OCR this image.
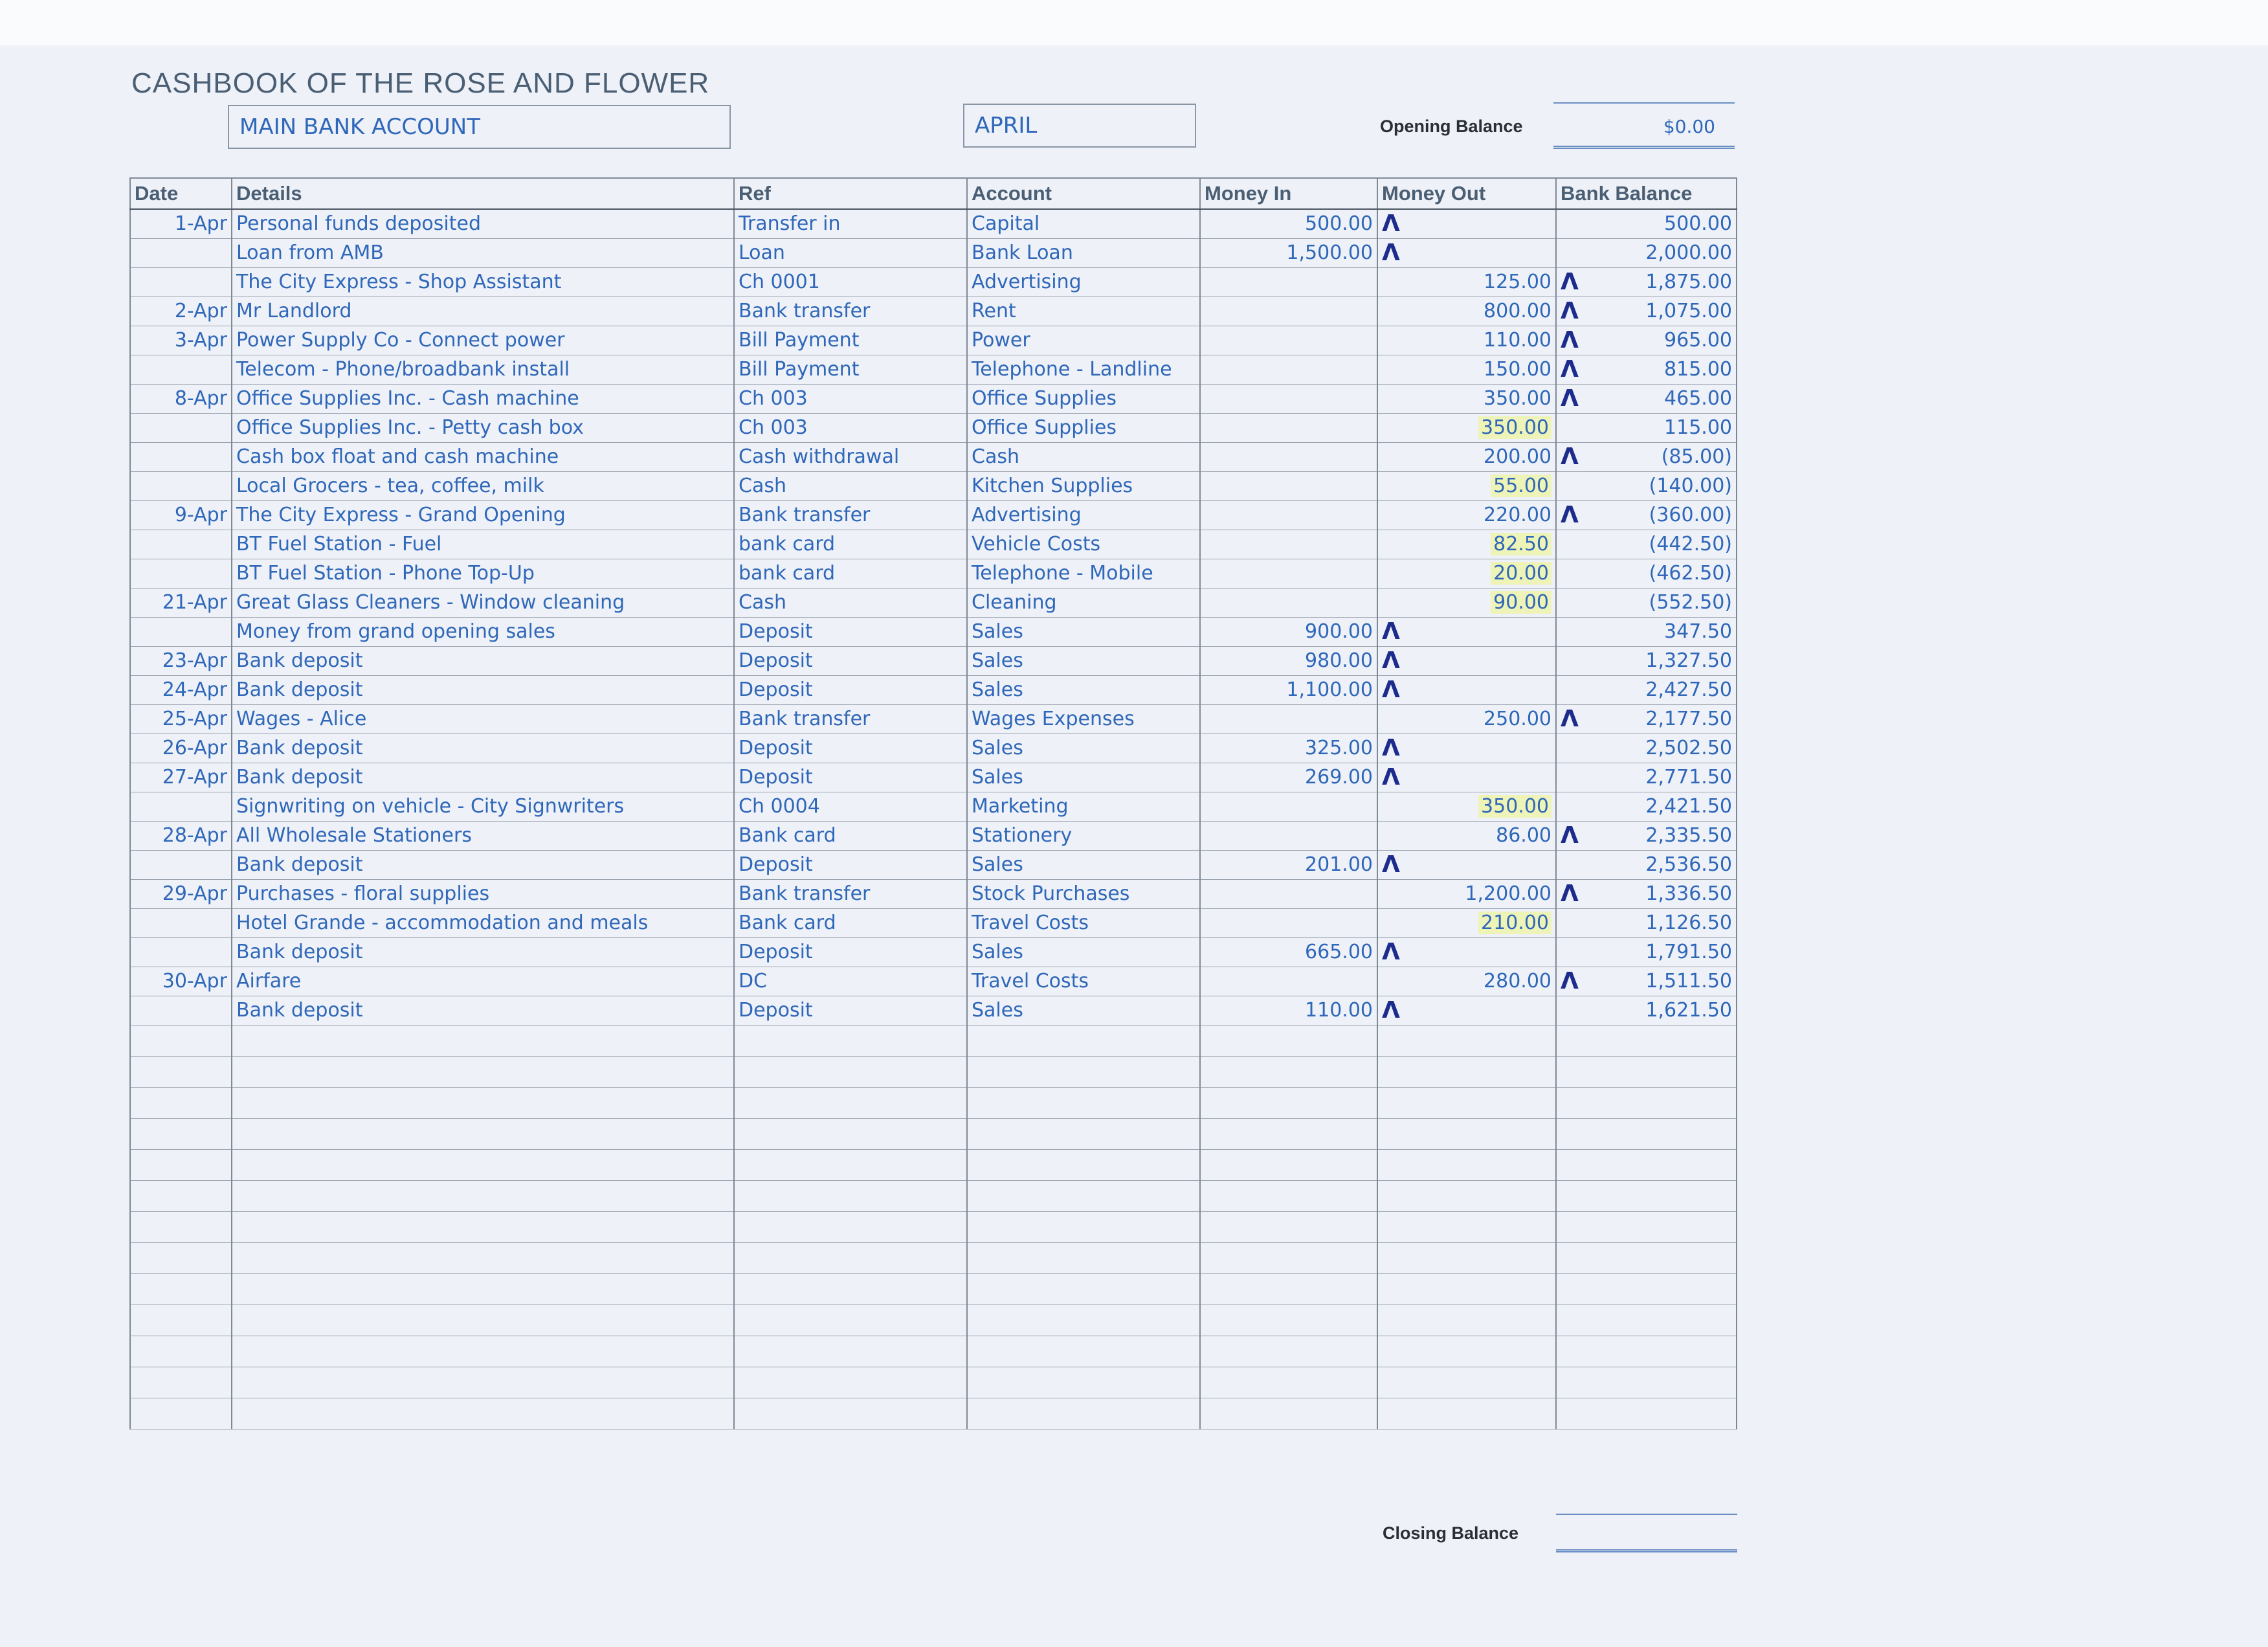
CASHBOOK OF THE ROSE AND FLOWER
MAIN BANK ACCOUNT	APRIL	Opening Balance	$0.00
Date	Details	Ref	Account	Money In	Money Out	Bank Balance
1-Apr	Personal funds deposited	Transfer in	Capital	500.00	Λ	500.00
	Loan from AMB	Loan	Bank Loan	1,500.00	Λ	2,000.00
	The City Express - Shop Assistant	Ch 0001	Advertising		125.00	Λ 1,875.00
2-Apr	Mr Landlord	Bank transfer	Rent		800.00	Λ 1,075.00
3-Apr	Power Supply Co - Connect power	Bill Payment	Power		110.00	Λ 965.00
	Telecom - Phone/broadbank install	Bill Payment	Telephone - Landline		150.00	Λ 815.00
8-Apr	Office Supplies Inc. - Cash machine	Ch 003	Office Supplies		350.00	Λ 465.00
	Office Supplies Inc. - Petty cash box	Ch 003	Office Supplies		350.00	115.00
	Cash box float and cash machine	Cash withdrawal	Cash		200.00	Λ (85.00)
	Local Grocers - tea, coffee, milk	Cash	Kitchen Supplies		55.00	(140.00)
9-Apr	The City Express - Grand Opening	Bank transfer	Advertising		220.00	Λ (360.00)
	BT Fuel Station - Fuel	bank card	Vehicle Costs		82.50	(442.50)
	BT Fuel Station - Phone Top-Up	bank card	Telephone - Mobile		20.00	(462.50)
21-Apr	Great Glass Cleaners - Window cleaning	Cash	Cleaning		90.00	(552.50)
	Money from grand opening sales	Deposit	Sales	900.00	Λ	347.50
23-Apr	Bank deposit	Deposit	Sales	980.00	Λ	1,327.50
24-Apr	Bank deposit	Deposit	Sales	1,100.00	Λ	2,427.50
25-Apr	Wages - Alice	Bank transfer	Wages Expenses		250.00	Λ 2,177.50
26-Apr	Bank deposit	Deposit	Sales	325.00	Λ	2,502.50
27-Apr	Bank deposit	Deposit	Sales	269.00	Λ	2,771.50
	Signwriting on vehicle - City Signwriters	Ch 0004	Marketing		350.00	2,421.50
28-Apr	All Wholesale Stationers	Bank card	Stationery		86.00	Λ 2,335.50
	Bank deposit	Deposit	Sales	201.00	Λ	2,536.50
29-Apr	Purchases - floral supplies	Bank transfer	Stock Purchases		1,200.00	Λ 1,336.50
	Hotel Grande - accommodation and meals	Bank card	Travel Costs		210.00	1,126.50
	Bank deposit	Deposit	Sales	665.00	Λ	1,791.50
30-Apr	Airfare	DC	Travel Costs		280.00	Λ 1,511.50
	Bank deposit	Deposit	Sales	110.00	Λ	1,621.50

Closing Balance
